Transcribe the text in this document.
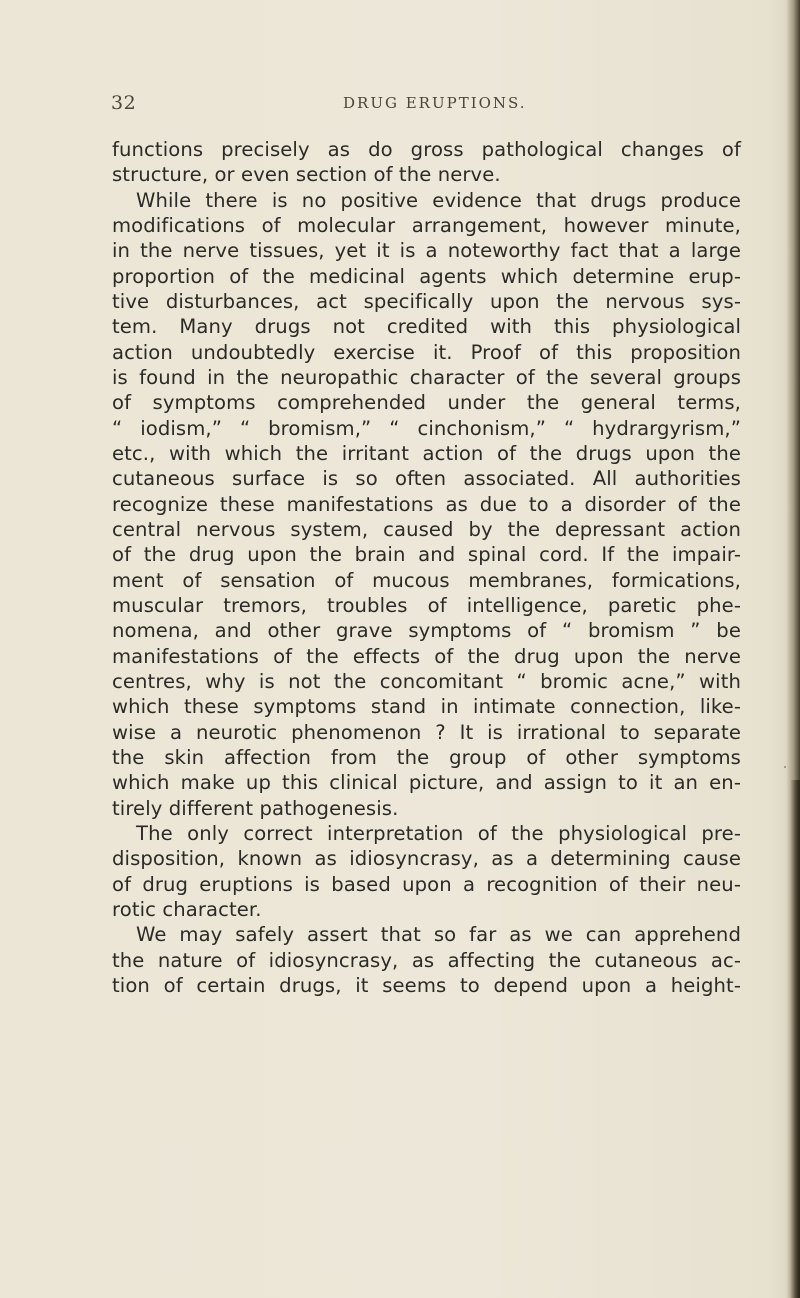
32	DRUG ERUPTIONS.
functions precisely as do gross pathological changes of
structure, or even section of the nerve.
While there is no positive evidence that drugs produce
modifications of molecular arrangement, however minute,
in the nerve tissues, yet it is a noteworthy fact that a large
proportion of the medicinal agents which determine erup-
tive disturbances, act specifically upon the nervous sys-
tem. Many drugs not credited with this physiological
action undoubtedly exercise it. Proof of this proposition
is found in the neuropathic character of the several groups
of symptoms comprehended under the general terms,
“ iodism,” “ bromism,” “ cinchonism,” “ hydrargyrism,”
etc., with which the irritant action of the drugs upon the
cutaneous surface is so often associated. All authorities
recognize these manifestations as due to a disorder of the
central nervous system, caused by the depressant action
of the drug upon the brain and spinal cord. If the impair-
ment of sensation of mucous membranes, formications,
muscular tremors, troubles of intelligence, paretic phe-
nomena, and other grave symptoms of “ bromism ” be
manifestations of the effects of the drug upon the nerve
centres, why is not the concomitant “ bromic acne,” with
which these symptoms stand in intimate connection, like-
wise a neurotic phenomenon ? It is irrational to separate
the skin affection from the group of other symptoms
which make up this clinical picture, and assign to it an en-
tirely different pathogenesis.
The only correct interpretation of the physiological pre-
disposition, known as idiosyncrasy, as a determining cause
of drug eruptions is based upon a recognition of their neu-
rotic character.
We may safely assert that so far as we can apprehend
the nature of idiosyncrasy, as affecting the cutaneous ac-
tion of certain drugs, it seems to depend upon a height-
